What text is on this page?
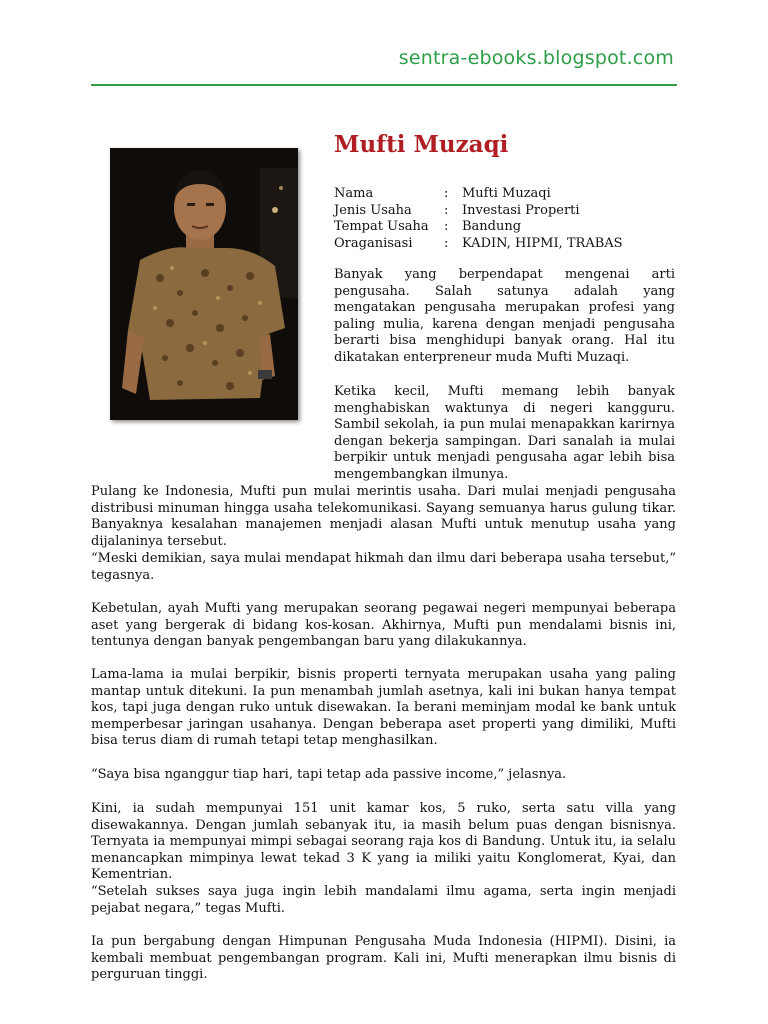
sentra-ebooks.blogspot.com
Mufti Muzaqi
Nama	:	Mufti Muzaqi
Jenis Usaha	:	Investasi Properti
Tempat Usaha	:	Bandung
Oraganisasi	:	KADIN, HIPMI, TRABAS

Banyak yang berpendapat mengenai arti pengusaha. Salah satunya adalah yang mengatakan pengusaha merupakan profesi yang paling mulia, karena dengan menjadi pengusaha berarti bisa menghidupi banyak orang. Hal itu dikatakan enterpreneur muda Mufti Muzaqi.

Ketika kecil, Mufti memang lebih banyak menghabiskan waktunya di negeri kangguru. Sambil sekolah, ia pun mulai menapakkan karirnya dengan bekerja sampingan. Dari sanalah ia mulai berpikir untuk menjadi pengusaha agar lebih bisa mengembangkan ilmunya.

Pulang ke Indonesia, Mufti pun mulai merintis usaha. Dari mulai menjadi pengusaha distribusi minuman hingga usaha telekomunikasi. Sayang semuanya harus gulung tikar. Banyaknya kesalahan manajemen menjadi alasan Mufti untuk menutup usaha yang dijalaninya tersebut.

“Meski demikian, saya mulai mendapat hikmah dan ilmu dari beberapa usaha tersebut,” tegasnya.

Kebetulan, ayah Mufti yang merupakan seorang pegawai negeri mempunyai beberapa aset yang bergerak di bidang kos-kosan. Akhirnya, Mufti pun mendalami bisnis ini, tentunya dengan banyak pengembangan baru yang dilakukannya.

Lama-lama ia mulai berpikir, bisnis properti ternyata merupakan usaha yang paling mantap untuk ditekuni. Ia pun menambah jumlah asetnya, kali ini bukan hanya tempat kos, tapi juga dengan ruko untuk disewakan. Ia berani meminjam modal ke bank untuk memperbesar jaringan usahanya. Dengan beberapa aset properti yang dimiliki, Mufti bisa terus diam di rumah tetapi tetap menghasilkan.

“Saya bisa nganggur tiap hari, tapi tetap ada passive income,” jelasnya.

Kini, ia sudah mempunyai 151 unit kamar kos, 5 ruko, serta satu villa yang disewakannya. Dengan jumlah sebanyak itu, ia masih belum puas dengan bisnisnya. Ternyata ia mempunyai mimpi sebagai seorang raja kos di Bandung. Untuk itu, ia selalu menancapkan mimpinya lewat tekad 3 K yang ia miliki yaitu Konglomerat, Kyai, dan Kementrian.

“Setelah sukses saya juga ingin lebih mandalami ilmu agama, serta ingin menjadi pejabat negara,” tegas Mufti.

Ia pun bergabung dengan Himpunan Pengusaha Muda Indonesia (HIPMI). Disini, ia kembali membuat pengembangan program. Kali ini, Mufti menerapkan ilmu bisnis di perguruan tinggi.
